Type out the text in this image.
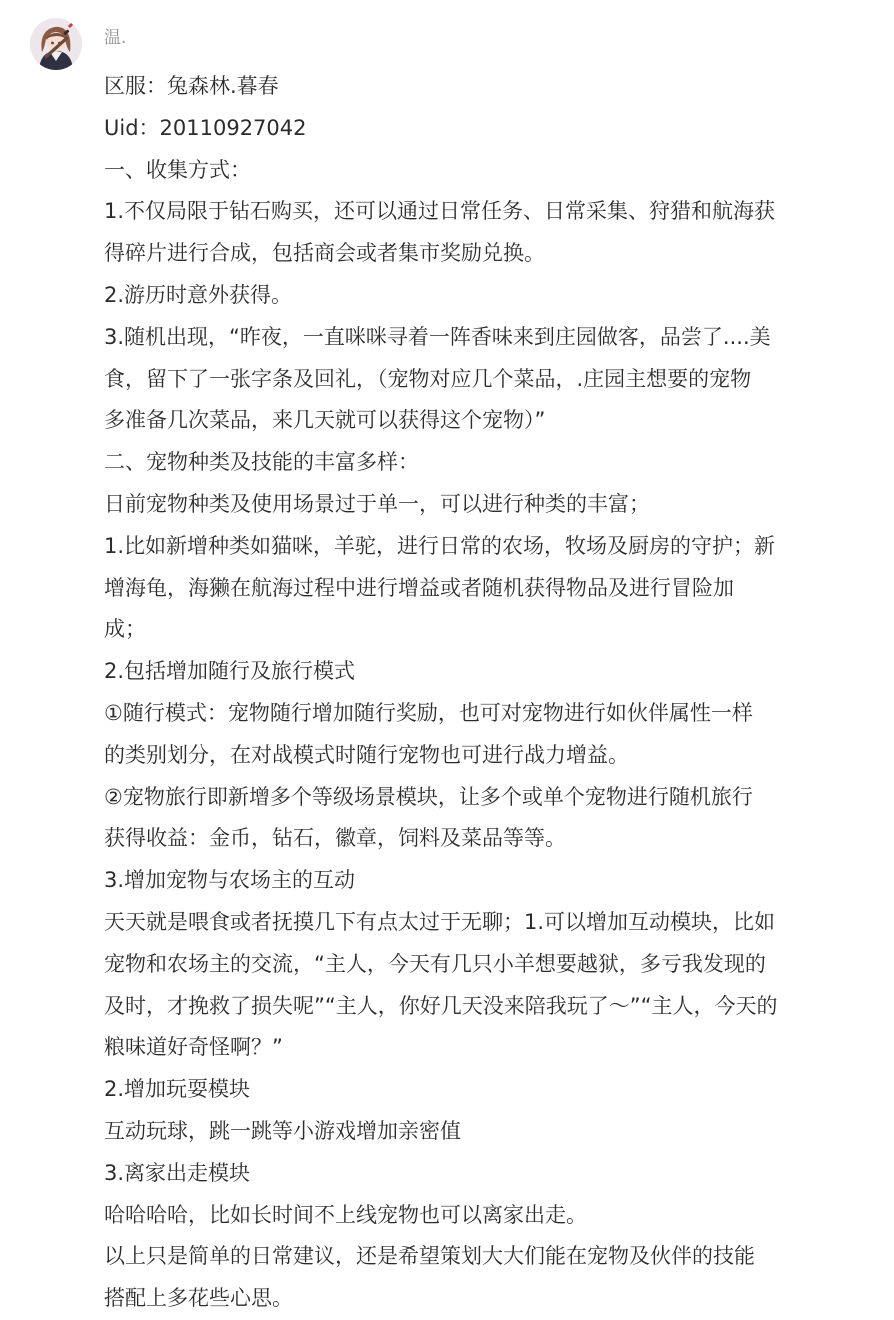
温.

区服：兔森林.暮春

Uid：20110927042

一、收集方式：

1.不仅局限于钻石购买，还可以通过日常任务、日常采集、狩猎和航海获

得碎片进行合成，包括商会或者集市奖励兑换。

2.游历时意外获得。

3.随机出现，“昨夜，一直咪咪寻着一阵香味来到庄园做客，品尝了....美

食，留下了一张字条及回礼，（宠物对应几个菜品，.庄园主想要的宠物

多准备几次菜品，来几天就可以获得这个宠物）”

二、宠物种类及技能的丰富多样：

日前宠物种类及使用场景过于单一，可以进行种类的丰富；

1.比如新增种类如猫咪，羊驼，进行日常的农场，牧场及厨房的守护；新

增海龟，海獭在航海过程中进行增益或者随机获得物品及进行冒险加

成；

2.包括增加随行及旅行模式

①随行模式：宠物随行增加随行奖励，也可对宠物进行如伙伴属性一样

的类别划分，在对战模式时随行宠物也可进行战力增益。

②宠物旅行即新增多个等级场景模块，让多个或单个宠物进行随机旅行

获得收益：金币，钻石，徽章，饲料及菜品等等。

3.增加宠物与农场主的互动

天天就是喂食或者抚摸几下有点太过于无聊；1.可以增加互动模块，比如

宠物和农场主的交流，“主人，今天有几只小羊想要越狱，多亏我发现的

及时，才挽救了损失呢”“主人，你好几天没来陪我玩了～”“主人，今天的

粮味道好奇怪啊？”

2.增加玩耍模块

互动玩球，跳一跳等小游戏增加亲密值

3.离家出走模块

哈哈哈哈，比如长时间不上线宠物也可以离家出走。

以上只是简单的日常建议，还是希望策划大大们能在宠物及伙伴的技能

搭配上多花些心思。
